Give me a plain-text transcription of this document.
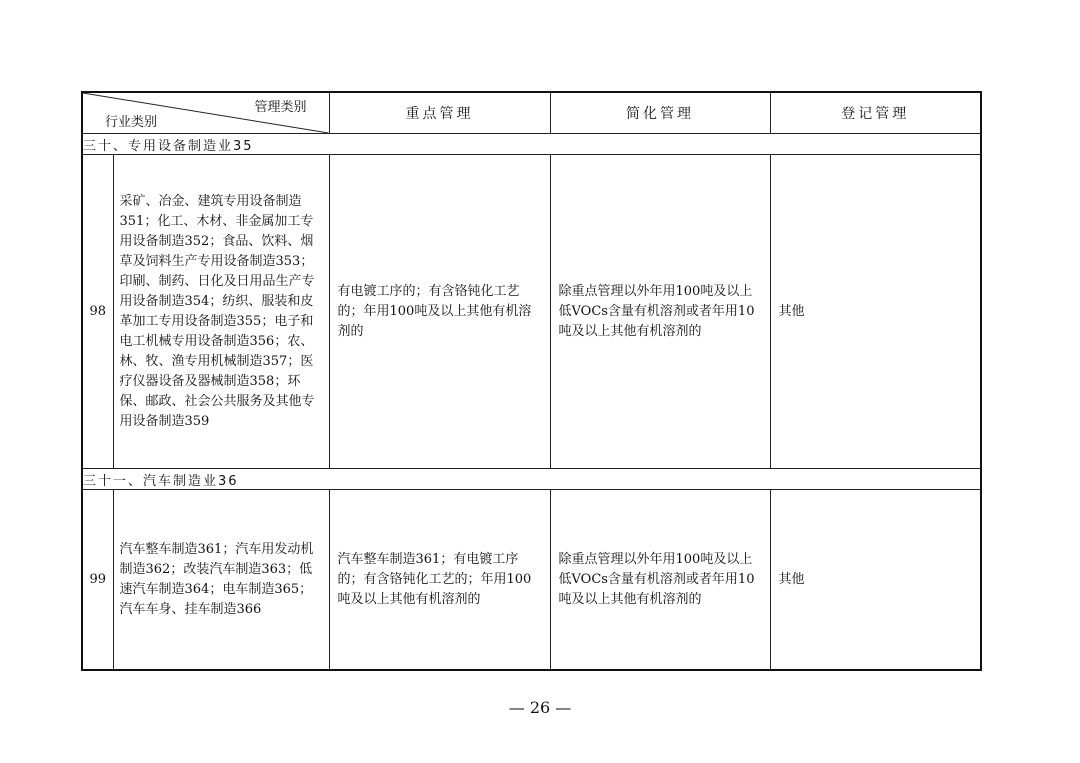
管理类别
行业类别		重点管理	简化管理	登记管理
三十、专用设备制造业35				
98	采矿、冶金、建筑专用设备制造351；化工、木材、非金属加工专用设备制造352；食品、饮料、烟草及饲料生产专用设备制造353；印刷、制药、日化及日用品生产专用设备制造354；纺织、服装和皮革加工专用设备制造355；电子和电工机械专用设备制造356；农、林、牧、渔专用机械制造357；医疗仪器设备及器械制造358；环保、邮政、社会公共服务及其他专用设备制造359	有电镀工序的；有含铬钝化工艺的；年用100吨及以上其他有机溶剂的	除重点管理以外年用100吨及以上低VOCs含量有机溶剂或者年用10吨及以上其他有机溶剂的	其他
三十一、汽车制造业36				
99	汽车整车制造361；汽车用发动机制造362；改装汽车制造363；低速汽车制造364；电车制造365；汽车车身、挂车制造366	汽车整车制造361；有电镀工序的；有含铬钝化工艺的；年用100吨及以上其他有机溶剂的	除重点管理以外年用100吨及以上低VOCs含量有机溶剂或者年用10吨及以上其他有机溶剂的	其他
— 26 —
